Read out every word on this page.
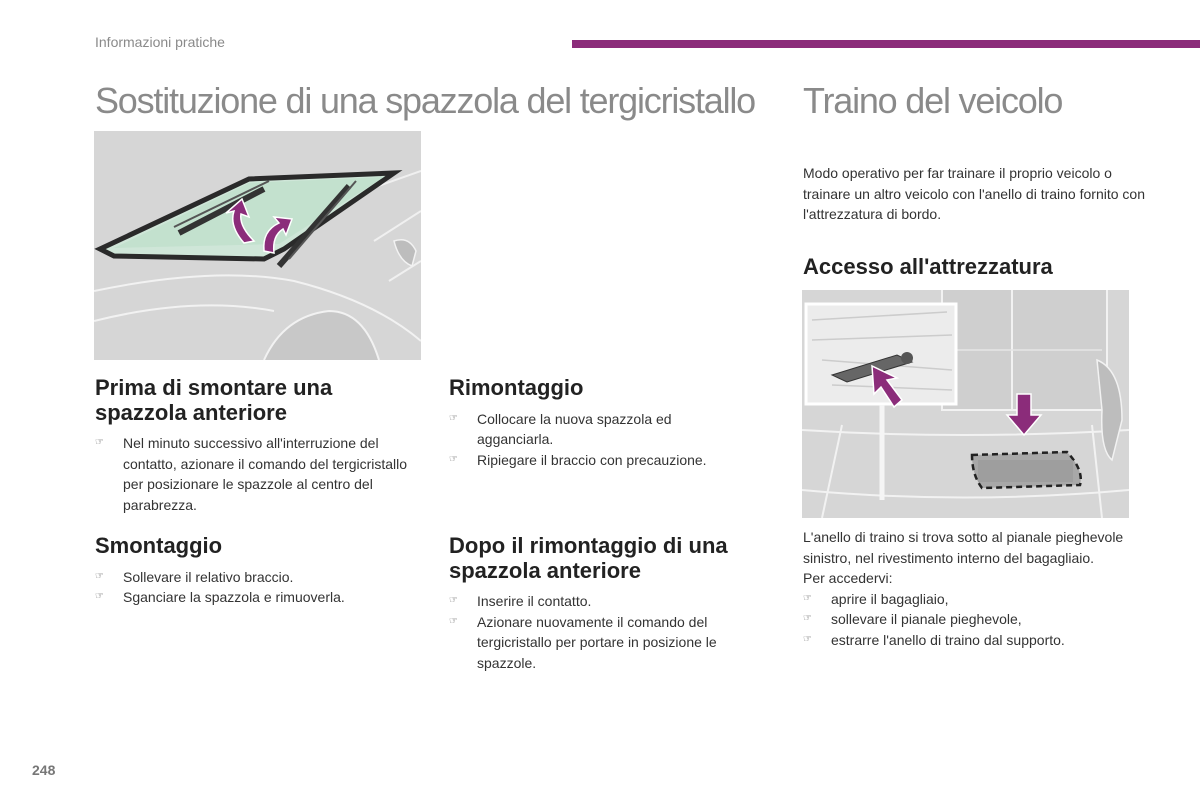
Informazioni pratiche
Sostituzione di una spazzola del tergicristallo Traino del veicolo
Prima di smontare una spazzola anteriore
☞ Nel minuto successivo all'interruzione del contatto, azionare il comando del tergicristallo per posizionare le spazzole al centro del parabrezza.
Smontaggio
☞ Sollevare il relativo braccio.
☞ Sganciare la spazzola e rimuoverla.
Rimontaggio
☞ Collocare la nuova spazzola ed agganciarla.
☞ Ripiegare il braccio con precauzione.
Dopo il rimontaggio di una spazzola anteriore
☞ Inserire il contatto.
☞ Azionare nuovamente il comando del tergicristallo per portare in posizione le spazzole.

Modo operativo per far trainare il proprio veicolo o trainare un altro veicolo con l'anello di traino fornito con l'attrezzatura di bordo.

Accesso all'attrezzatura

L'anello di traino si trova sotto al pianale pieghevole sinistro, nel rivestimento interno del bagagliaio.

Per accedervi:

☞ aprire il bagagliaio,
☞ sollevare il pianale pieghevole,
☞ estrarre l'anello di traino dal supporto.
248
